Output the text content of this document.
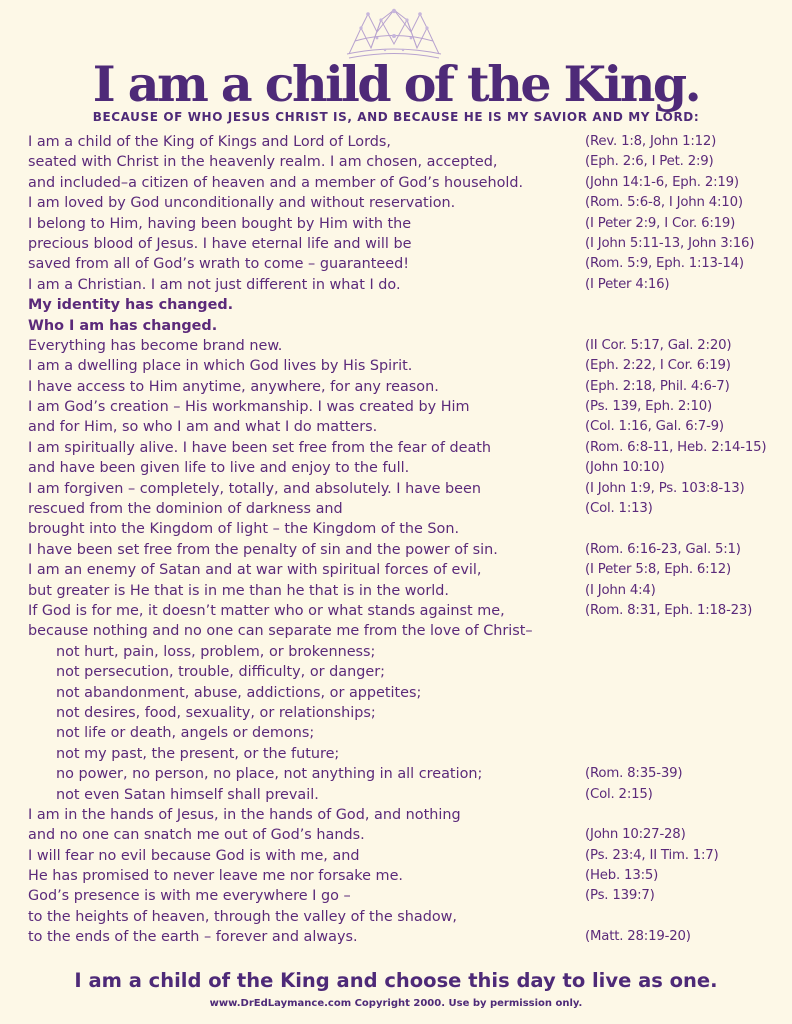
I am a child of the King.
BECAUSE OF WHO JESUS CHRIST IS, AND BECAUSE HE IS MY SAVIOR AND MY LORD:
I am a child of the King of Kings and Lord of Lords,	(Rev. 1:8, John 1:12)
seated with Christ in the heavenly realm. I am chosen, accepted,	(Eph. 2:6, I Pet. 2:9)
and included–a citizen of heaven and a member of God’s household.	(John 14:1-6, Eph. 2:19)
I am loved by God unconditionally and without reservation.	(Rom. 5:6-8, I John 4:10)
I belong to Him, having been bought by Him with the	(I Peter 2:9, I Cor. 6:19)
precious blood of Jesus. I have eternal life and will be	(I John 5:11-13, John 3:16)
saved from all of God’s wrath to come – guaranteed!	(Rom. 5:9, Eph. 1:13-14)
I am a Christian. I am not just different in what I do.	(I Peter 4:16)
My identity has changed.
Who I am has changed.
Everything has become brand new.	(II Cor. 5:17, Gal. 2:20)
I am a dwelling place in which God lives by His Spirit.	(Eph. 2:22, I Cor. 6:19)
I have access to Him anytime, anywhere, for any reason.	(Eph. 2:18, Phil. 4:6-7)
I am God’s creation – His workmanship. I was created by Him	(Ps. 139, Eph. 2:10)
and for Him, so who I am and what I do matters.	(Col. 1:16, Gal. 6:7-9)
I am spiritually alive. I have been set free from the fear of death	(Rom. 6:8-11, Heb. 2:14-15)
and have been given life to live and enjoy to the full.	(John 10:10)
I am forgiven – completely, totally, and absolutely. I have been	(I John 1:9, Ps. 103:8-13)
rescued from the dominion of darkness and	(Col. 1:13)
brought into the Kingdom of light – the Kingdom of the Son.
I have been set free from the penalty of sin and the power of sin.	(Rom. 6:16-23, Gal. 5:1)
I am an enemy of Satan and at war with spiritual forces of evil,	(I Peter 5:8, Eph. 6:12)
but greater is He that is in me than he that is in the world.	(I John 4:4)
If God is for me, it doesn’t matter who or what stands against me,	(Rom. 8:31, Eph. 1:18-23)
because nothing and no one can separate me from the love of Christ–
not hurt, pain, loss, problem, or brokenness;
not persecution, trouble, difficulty, or danger;
not abandonment, abuse, addictions, or appetites;
not desires, food, sexuality, or relationships;
not life or death, angels or demons;
not my past, the present, or the future;
no power, no person, no place, not anything in all creation;	(Rom. 8:35-39)
not even Satan himself shall prevail.	(Col. 2:15)
I am in the hands of Jesus, in the hands of God, and nothing
and no one can snatch me out of God’s hands.	(John 10:27-28)
I will fear no evil because God is with me, and	(Ps. 23:4, II Tim. 1:7)
He has promised to never leave me nor forsake me.	(Heb. 13:5)
God’s presence is with me everywhere I go –	(Ps. 139:7)
to the heights of heaven, through the valley of the shadow,
to the ends of the earth – forever and always.	(Matt. 28:19-20)
I am a child of the King and choose this day to live as one.
www.DrEdLaymance.com Copyright 2000. Use by permission only.
